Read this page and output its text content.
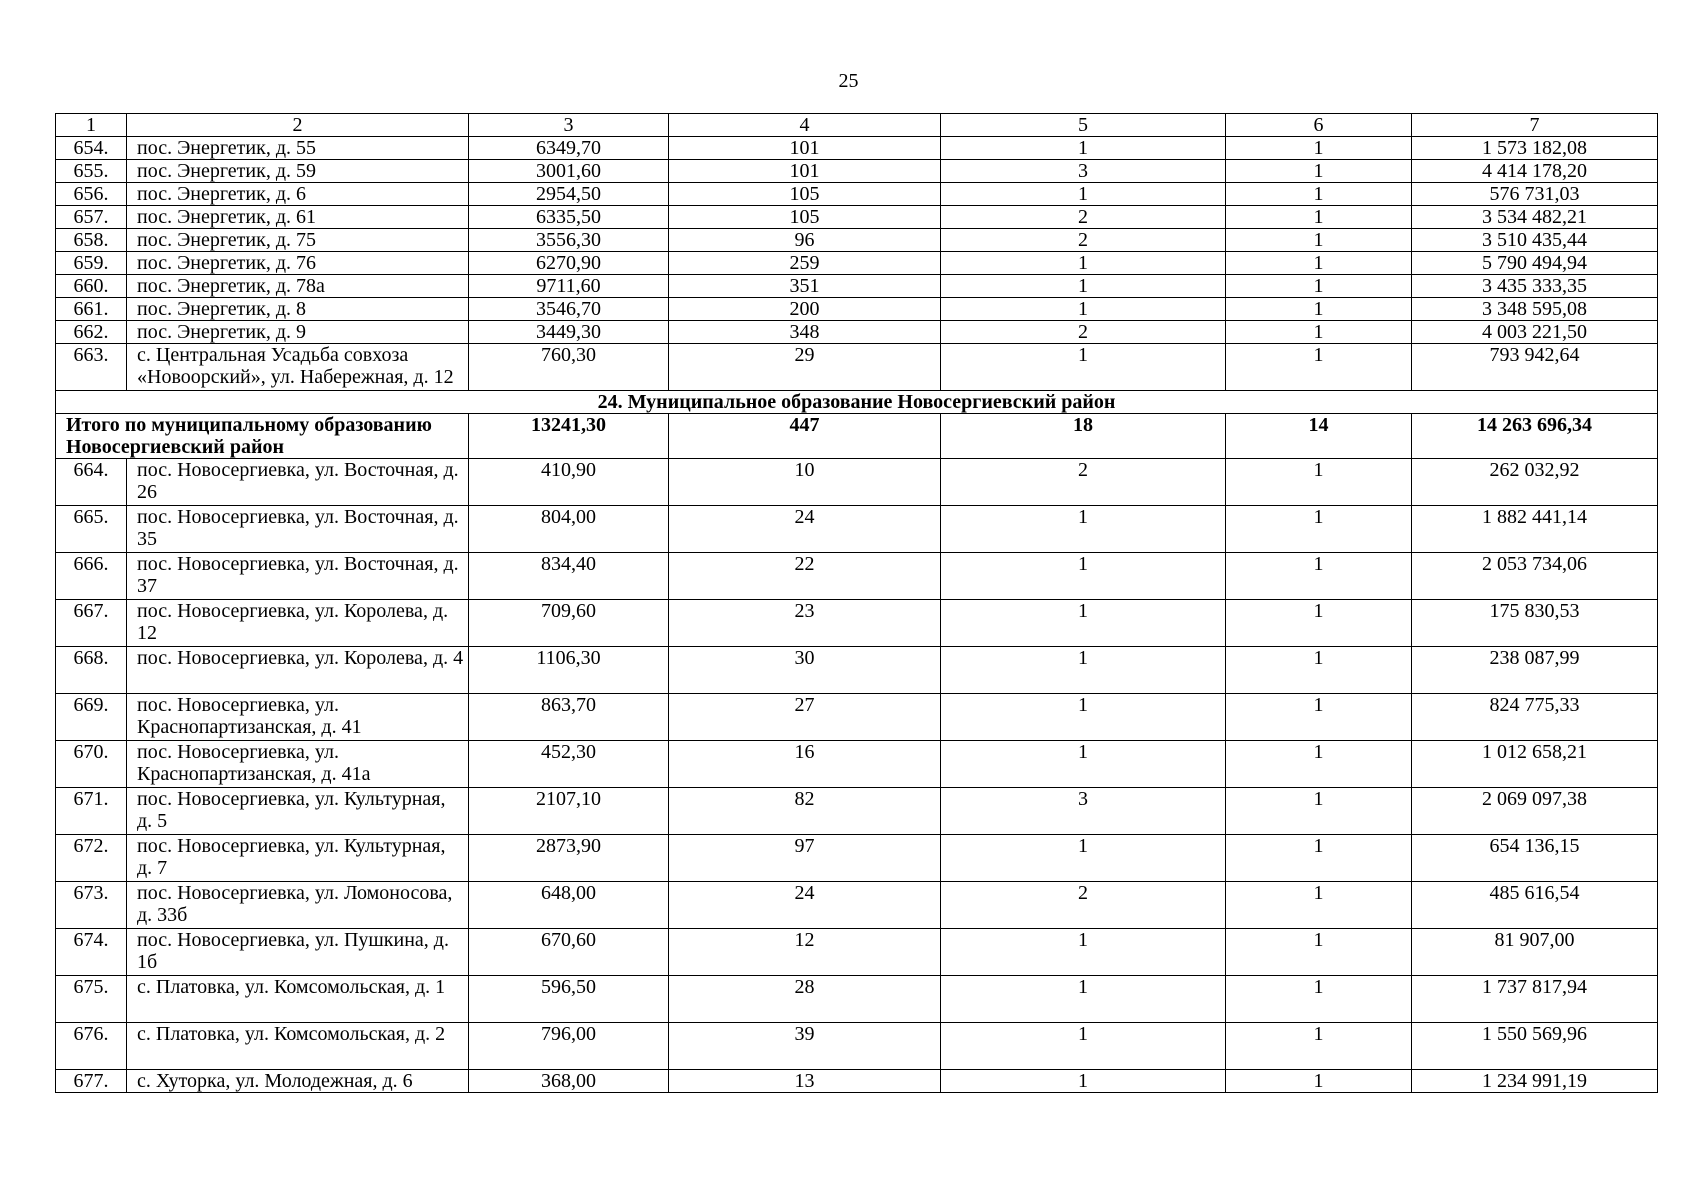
25
1	2	3	4	5	6	7
654.	пос. Энергетик, д. 55	6349,70	101	1	1	1 573 182,08
655.	пос. Энергетик, д. 59	3001,60	101	3	1	4 414 178,20
656.	пос. Энергетик, д. 6	2954,50	105	1	1	576 731,03
657.	пос. Энергетик, д. 61	6335,50	105	2	1	3 534 482,21
658.	пос. Энергетик, д. 75	3556,30	96	2	1	3 510 435,44
659.	пос. Энергетик, д. 76	6270,90	259	1	1	5 790 494,94
660.	пос. Энергетик, д. 78а	9711,60	351	1	1	3 435 333,35
661.	пос. Энергетик, д. 8	3546,70	200	1	1	3 348 595,08
662.	пос. Энергетик, д. 9	3449,30	348	2	1	4 003 221,50
663.	с. Центральная Усадьба совхоза «Новоорский», ул. Набережная, д. 12	760,30	29	1	1	793 942,64
24. Муниципальное образование Новосергиевский район						
Итого по муниципальному образованию Новосергиевский район		13241,30	447	18	14	14 263 696,34
664.	пос. Новосергиевка, ул. Восточная, д. 26	410,90	10	2	1	262 032,92
665.	пос. Новосергиевка, ул. Восточная, д. 35	804,00	24	1	1	1 882 441,14
666.	пос. Новосергиевка, ул. Восточная, д. 37	834,40	22	1	1	2 053 734,06
667.	пос. Новосергиевка, ул. Королева, д. 12	709,60	23	1	1	175 830,53
668.	пос. Новосергиевка, ул. Королева, д. 4	1106,30	30	1	1	238 087,99
669.	пос. Новосергиевка, ул. Краснопартизанская, д. 41	863,70	27	1	1	824 775,33
670.	пос. Новосергиевка, ул. Краснопартизанская, д. 41а	452,30	16	1	1	1 012 658,21
671.	пос. Новосергиевка, ул. Культурная, д. 5	2107,10	82	3	1	2 069 097,38
672.	пос. Новосергиевка, ул. Культурная, д. 7	2873,90	97	1	1	654 136,15
673.	пос. Новосергиевка, ул. Ломоносова, д. 33б	648,00	24	2	1	485 616,54
674.	пос. Новосергиевка, ул. Пушкина, д. 1б	670,60	12	1	1	81 907,00
675.	с. Платовка, ул. Комсомольская, д. 1	596,50	28	1	1	1 737 817,94
676.	с. Платовка, ул. Комсомольская, д. 2	796,00	39	1	1	1 550 569,96
677.	с. Хуторка, ул. Молодежная, д. 6	368,00	13	1	1	1 234 991,19
